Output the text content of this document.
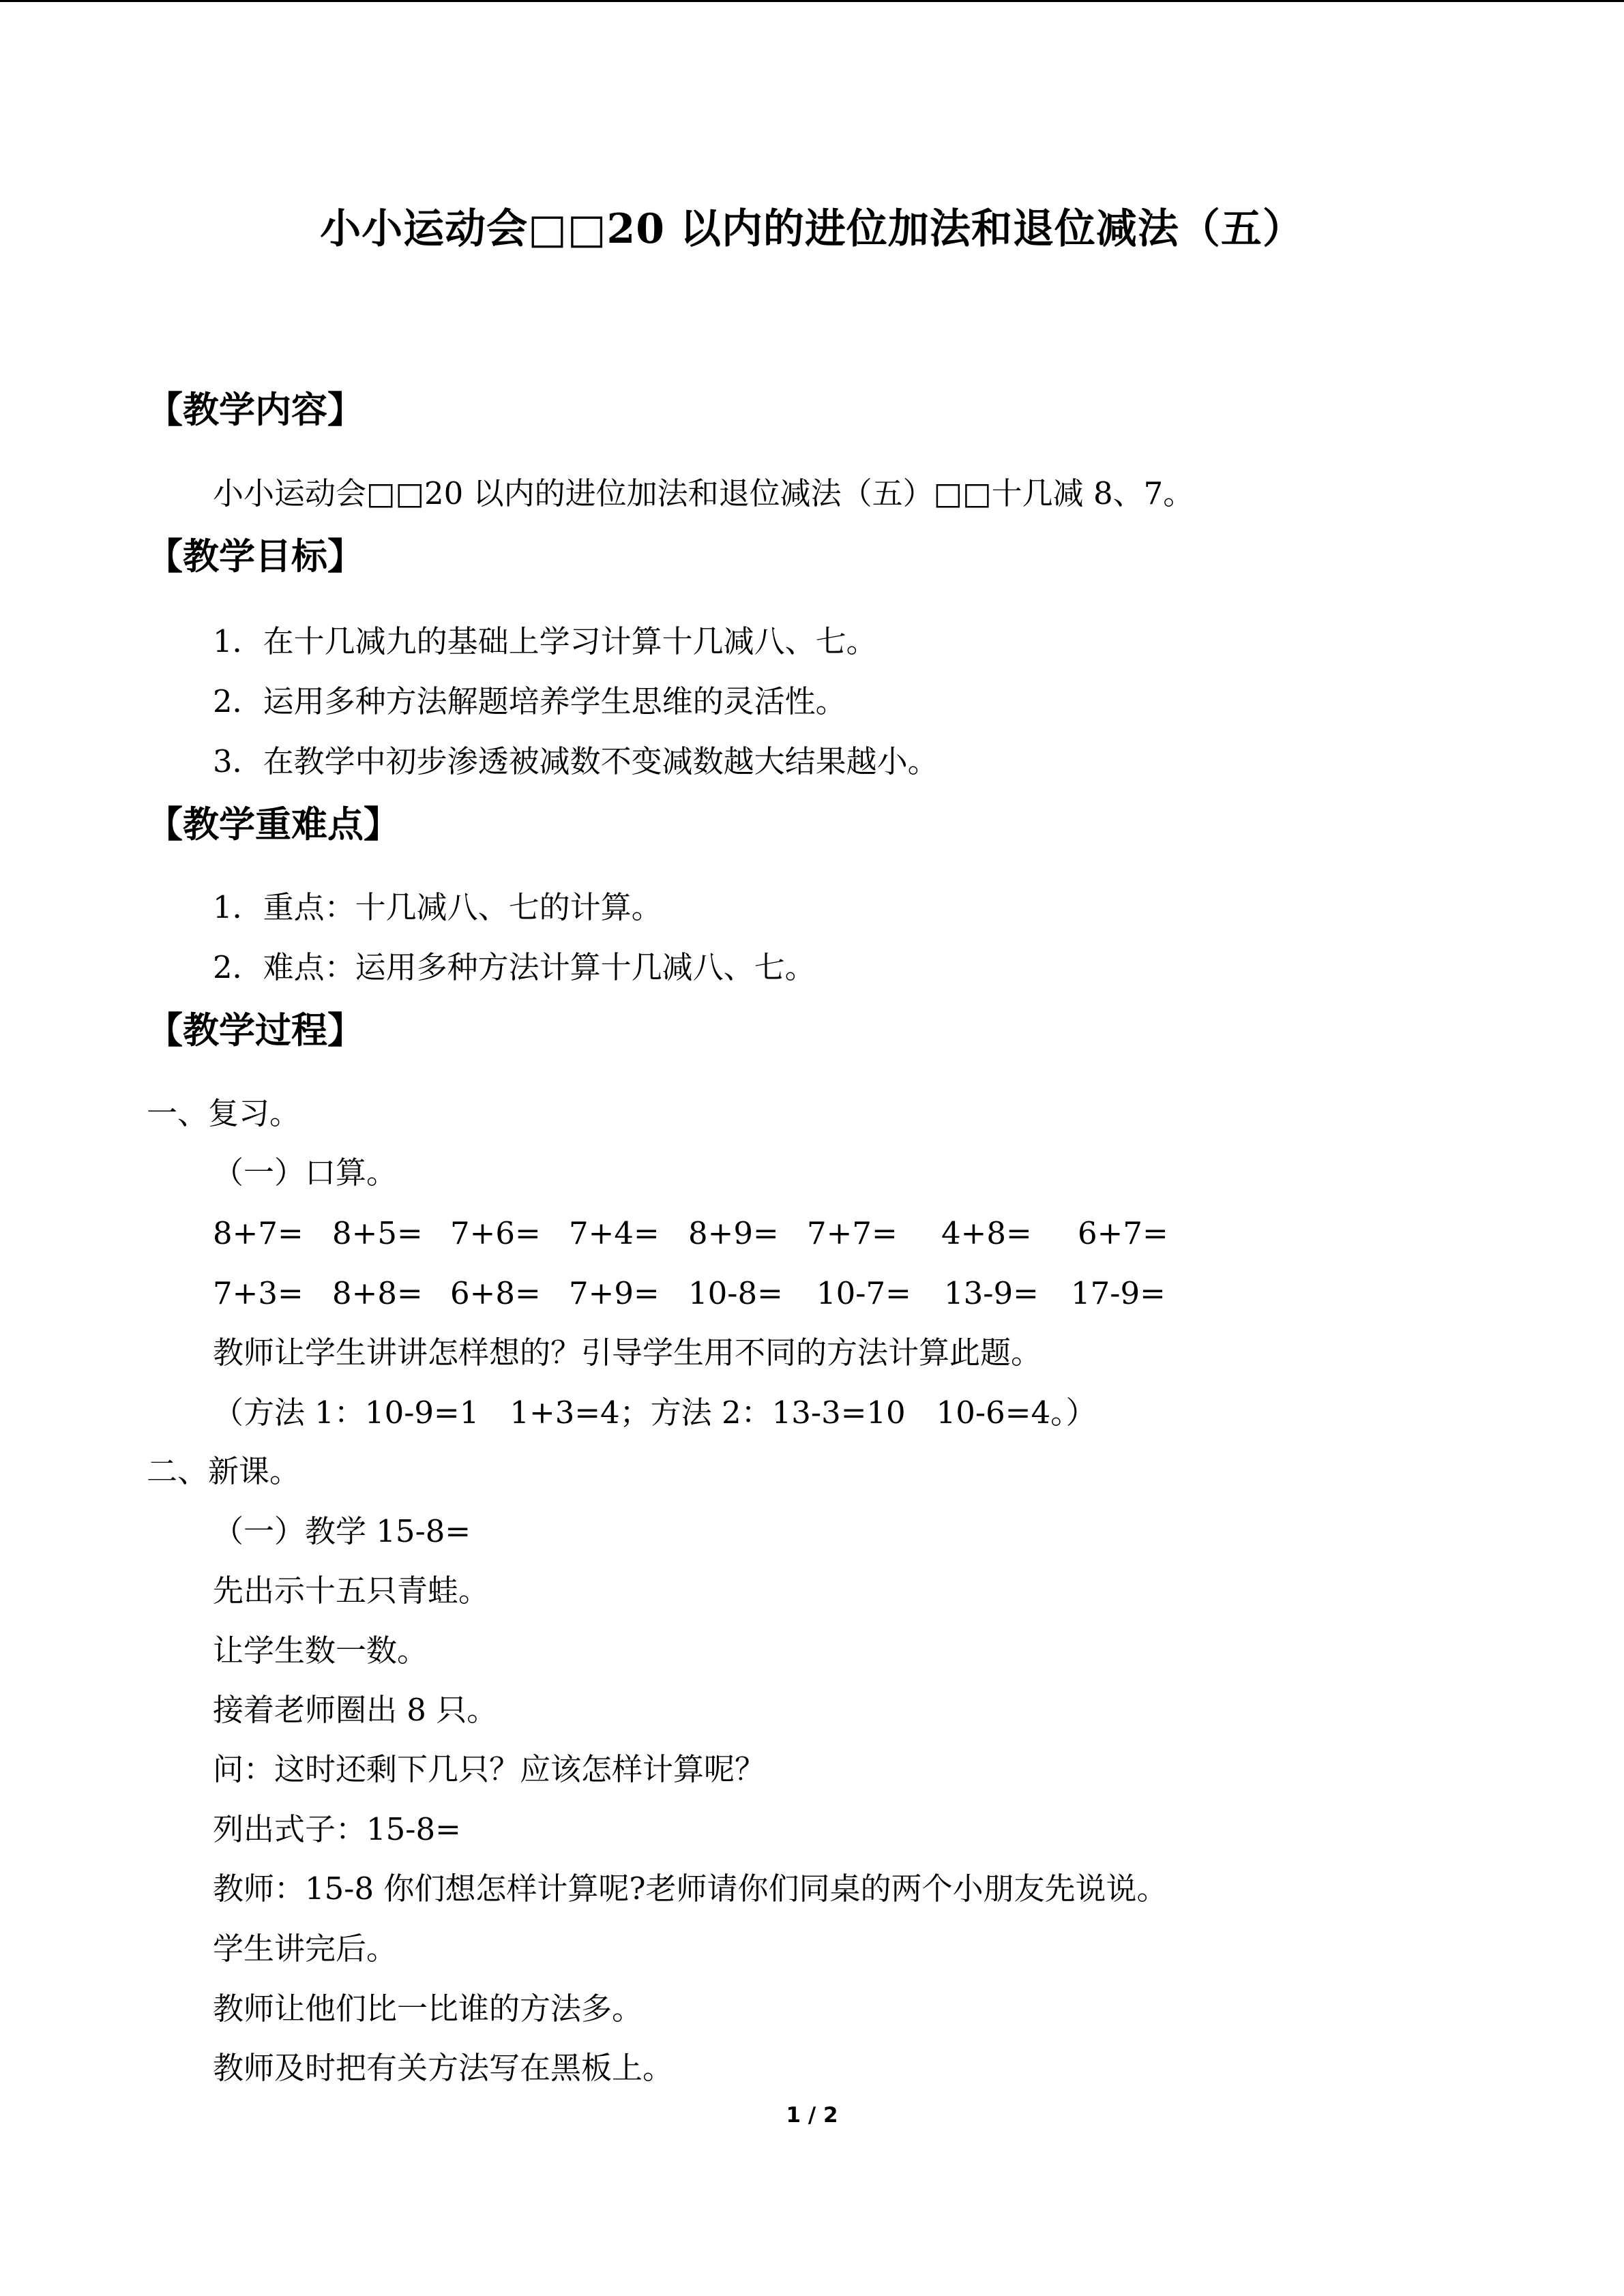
小小运动会□□20 以内的进位加法和退位减法（五）
【教学内容】
小小运动会□□20 以内的进位加法和退位减法（五）□□十几减 8、7。
【教学目标】
1．在十几减九的基础上学习计算十几减八、七。
2．运用多种方法解题培养学生思维的灵活性。
3．在教学中初步渗透被减数不变减数越大结果越小。
【教学重难点】
1．重点：十几减八、七的计算。
2．难点：运用多种方法计算十几减八、七。
【教学过程】
一、复习。
（一）口算。
8+7= 8+5= 7+6= 7+4= 8+9= 7+7= 4+8= 6+7=
7+3= 8+8= 6+8= 7+9= 10-8= 10-7= 13-9= 17-9=
教师让学生讲讲怎样想的？引导学生用不同的方法计算此题。
（方法 1：10-9=1　1+3=4；方法 2：13-3=10　10-6=4。）
二、新课。
（一）教学 15-8=
先出示十五只青蛙。
让学生数一数。
接着老师圈出 8 只。
问：这时还剩下几只？应该怎样计算呢？
列出式子：15-8=
教师：15-8 你们想怎样计算呢?老师请你们同桌的两个小朋友先说说。
学生讲完后。
教师让他们比一比谁的方法多。
教师及时把有关方法写在黑板上。
1 / 2
